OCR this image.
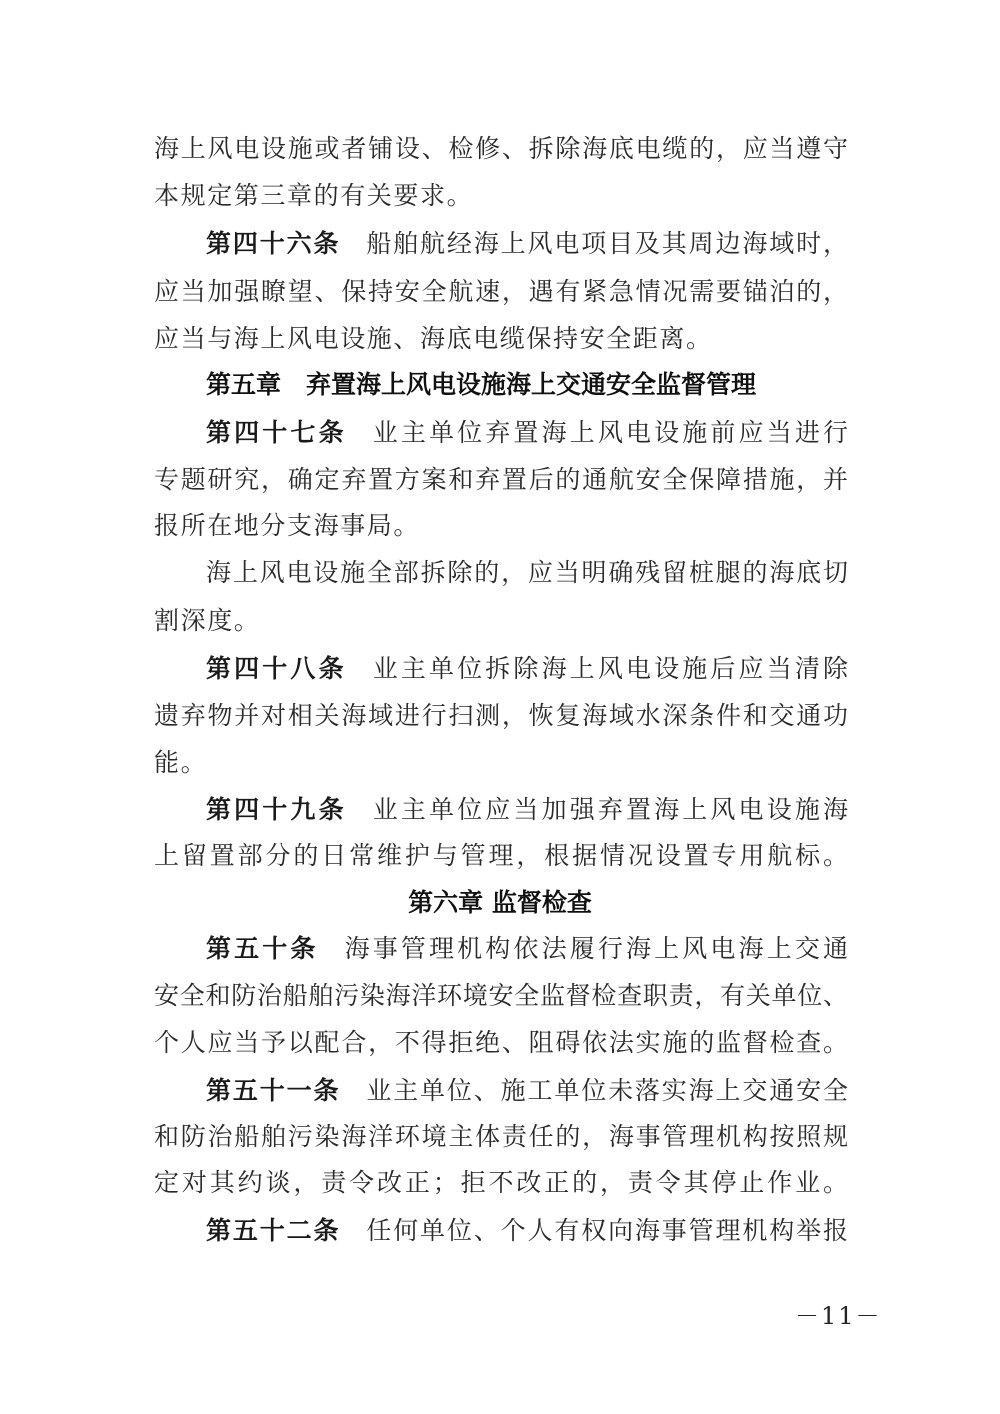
海上风电设施或者铺设、检修、拆除海底电缆的，应当遵守
本规定第三章的有关要求。
第四十六条 船舶航经海上风电项目及其周边海域时，
应当加强瞭望、保持安全航速，遇有紧急情况需要锚泊的，
应当与海上风电设施、海底电缆保持安全距离。
第五章　弃置海上风电设施海上交通安全监督管理
第四十七条 业主单位弃置海上风电设施前应当进行
专题研究，确定弃置方案和弃置后的通航安全保障措施，并
报所在地分支海事局。
海上风电设施全部拆除的，应当明确残留桩腿的海底切
割深度。
第四十八条 业主单位拆除海上风电设施后应当清除
遗弃物并对相关海域进行扫测，恢复海域水深条件和交通功
能。
第四十九条 业主单位应当加强弃置海上风电设施海
上留置部分的日常维护与管理，根据情况设置专用航标。
第六章 监督检查
第五十条 海事管理机构依法履行海上风电海上交通
安全和防治船舶污染海洋环境安全监督检查职责，有关单位、
个人应当予以配合，不得拒绝、阻碍依法实施的监督检查。
第五十一条 业主单位、施工单位未落实海上交通安全
和防治船舶污染海洋环境主体责任的，海事管理机构按照规
定对其约谈，责令改正；拒不改正的，责令其停止作业。
第五十二条 任何单位、个人有权向海事管理机构举报
－11－
